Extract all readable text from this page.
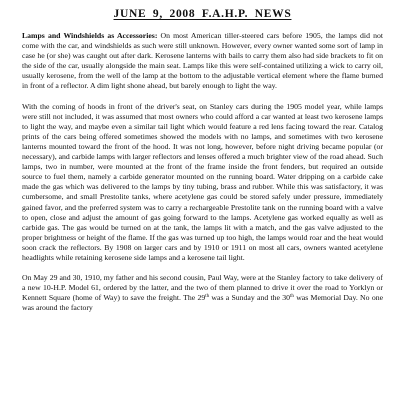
JUNE 9, 2008 F.A.H.P. NEWS

Lamps and Windshields as Accessories: On most American tiller-steered cars before 1905, the lamps did not come with the car, and windshields as such were still unknown. However, every owner wanted some sort of lamp in case he (or she) was caught out after dark. Kerosene lanterns with bails to carry them also had side brackets to fit on the side of the car, usually alongside the main seat. Lamps like this were self-contained utilizing a wick to carry oil, usually kerosene, from the well of the lamp at the bottom to the adjustable vertical element where the flame burned in front of a reflector. A dim light shone ahead, but barely enough to light the way.

With the coming of hoods in front of the driver's seat, on Stanley cars during the 1905 model year, while lamps were still not included, it was assumed that most owners who could afford a car wanted at least two kerosene lamps to light the way, and maybe even a similar tail light which would feature a red lens facing toward the rear. Catalog prints of the cars being offered sometimes showed the models with no lamps, and sometimes with two kerosene lanterns mounted toward the front of the hood. It was not long, however, before night driving became popular (or necessary), and carbide lamps with larger reflectors and lenses offered a much brighter view of the road ahead. Such lamps, two in number, were mounted at the front of the frame inside the front fenders, but required an outside source to fuel them, namely a carbide generator mounted on the running board. Water dripping on a carbide cake made the gas which was delivered to the lamps by tiny tubing, brass and rubber. While this was satisfactory, it was cumbersome, and small Prestolite tanks, where acetylene gas could be stored safely under pressure, immediately gained favor, and the preferred system was to carry a rechargeable Prestolite tank on the running board with a valve to open, close and adjust the amount of gas going forward to the lamps. Acetylene gas worked equally as well as carbide gas. The gas would be turned on at the tank, the lamps lit with a match, and the gas valve adjusted to the proper brightness or height of the flame. If the gas was turned up too high, the lamps would roar and the heat would soon crack the reflectors. By 1908 on larger cars and by 1910 or 1911 on most all cars, owners wanted acetylene headlights while retaining kerosene side lamps and a kerosene tail light.

On May 29 and 30, 1910, my father and his second cousin, Paul Way, were at the Stanley factory to take delivery of a new 10-H.P. Model 61, ordered by the latter, and the two of them planned to drive it over the road to Yorklyn or Kennett Square (home of Way) to save the freight. The 29th was a Sunday and the 30th was Memorial Day. No one was around the factory
